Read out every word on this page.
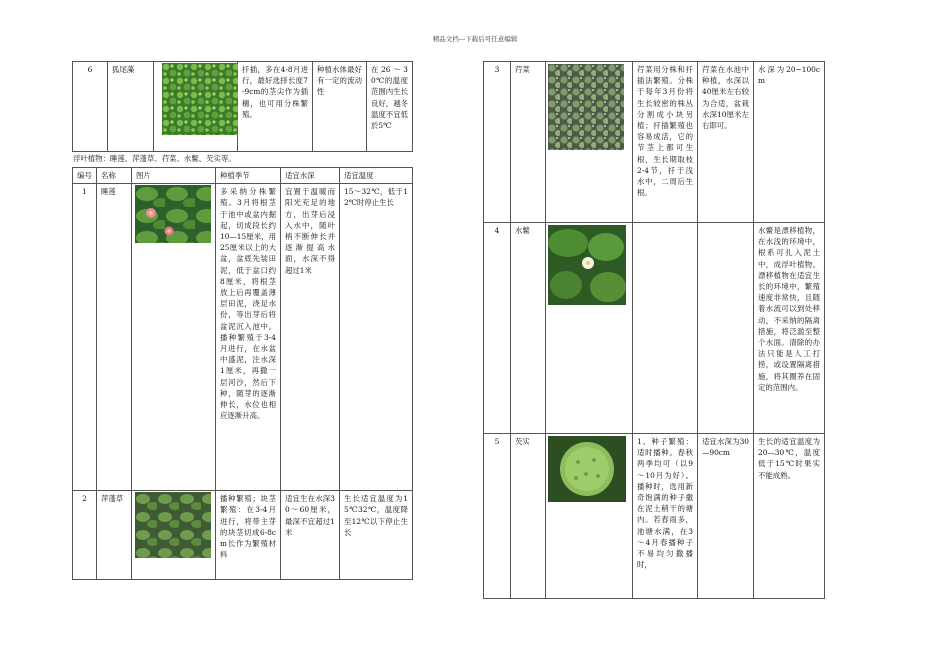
精品文档---下载后可任意编辑
6	狐尾藻		扦插，多在4-8月进行，最好选择长度7-9cm的茎尖作为插穗，也可用分株繁殖。	种植水体最好有一定的流动性	在26～30℃的温度范围内生长良好，越冬温度不宜低於5℃
浮叶植物：睡莲、萍蓬草、荇菜、水鳖、芡实等。
编号	名称	图片	种植季节	适宜水深	适宜温度
1	睡莲		多采纳分株繁殖。3月将根茎于池中或盆内掘起，切成段长约10—15厘米，用25厘米以上的大盆，盆底先装田泥，低于盆口约8厘米，将根茎放上后再覆盖薄层田泥，浇足水份，等出芽后将盆泥沉入池中。播种繁殖于3-4月进行，在水盆中盛泥，注水深1厘米，再撒一层河沙，然后下种，随芽的逐渐伸长，水位也相应逐渐升高。	宜置于温暖而阳光充足的地方，出芽后浸入水中，随叶柄不断伸长并逐渐提高水面，水深不得超过1米	15～32℃，低于12℃时停止生长
2	萍蓬草		播种繁殖；块茎繁殖：在3-4月进行，将带主芽的块茎切成6-8cm长作为繁殖材料	适宜生在水深30～60厘米，最深不宜超过1米	生长适宜温度为15℃32℃，温度降至12℃以下停止生长
3	荇菜		荇菜用分株和扦插法繁殖。分株于每年3月份将生长较密的株丛分割成小块另植；扦插繁殖也容易成活，它的节茎上都可生根，生长期取枝2-4节，扦于浅水中，二周后生根。	荇菜在水池中种植，水深以40厘米左右较为合适，盆栽水深10厘米左右即可。	水深为20~100cm
4	水鳖				水鳖是漂移植物，在水浅的环境中，根系可扎入泥土中，成浮叶植物。漂移植物在适宜生长的环境中，繁殖速度非常快，且随着水流可以到处移动，不采纳的隔离措施，将泛滥至整个水面。清除的办法只能是人工打捞，或设置隔离措施，将其圈养在固定的范围内。
5	芡实		1、种子繁殖：适时播种。春秋两季均可（以9～10月为好）。播种时，选用新奇饱满的种子撒在泥土稍干的塘内。若春雨多，池塘水满，在3～4月春播种子不易均匀撒播时，	适宜水深为30—90cm	生长的适宜温度为20—30℃，温度低于15℃时果实不能成熟。
